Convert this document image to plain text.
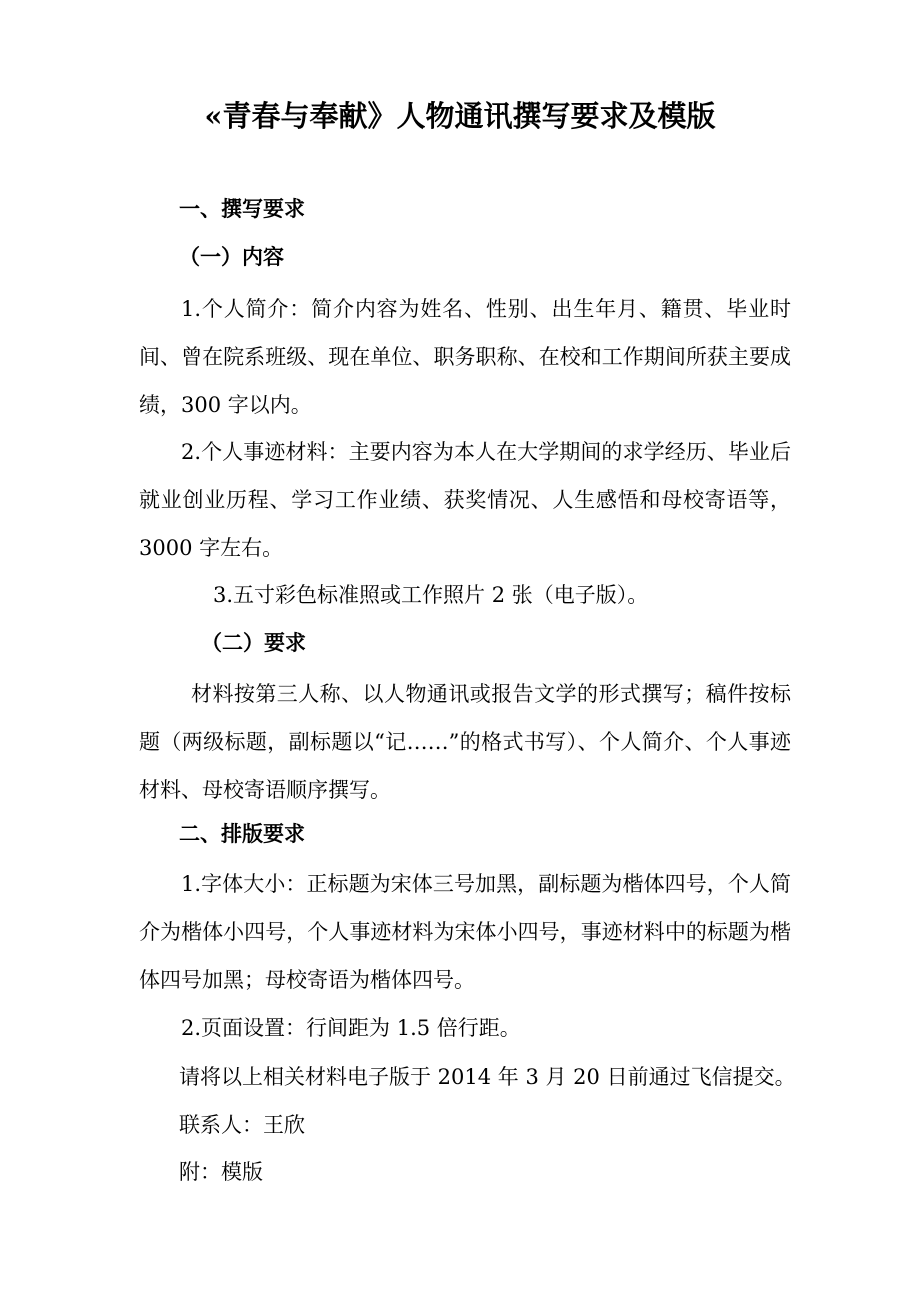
«青春与奉献》人物通讯撰写要求及模版
一、撰写要求
（一）内容
1.个人简介：简介内容为姓名、性别、出生年月、籍贯、毕业时间、曾在院系班级、现在单位、职务职称、在校和工作期间所获主要成绩，300 字以内。
2.个人事迹材料：主要内容为本人在大学期间的求学经历、毕业后就业创业历程、学习工作业绩、获奖情况、人生感悟和母校寄语等，3000 字左右。
3.五寸彩色标准照或工作照片 2 张（电子版）。
（二）要求
材料按第三人称、以人物通讯或报告文学的形式撰写；稿件按标题（两级标题，副标题以“记……”的格式书写）、个人简介、个人事迹材料、母校寄语顺序撰写。
二、排版要求
1.字体大小：正标题为宋体三号加黑，副标题为楷体四号，个人简介为楷体小四号，个人事迹材料为宋体小四号，事迹材料中的标题为楷体四号加黑；母校寄语为楷体四号。
2.页面设置：行间距为 1.5 倍行距。
请将以上相关材料电子版于 2014 年 3 月 20 日前通过飞信提交。
联系人：王欣
附：模版
